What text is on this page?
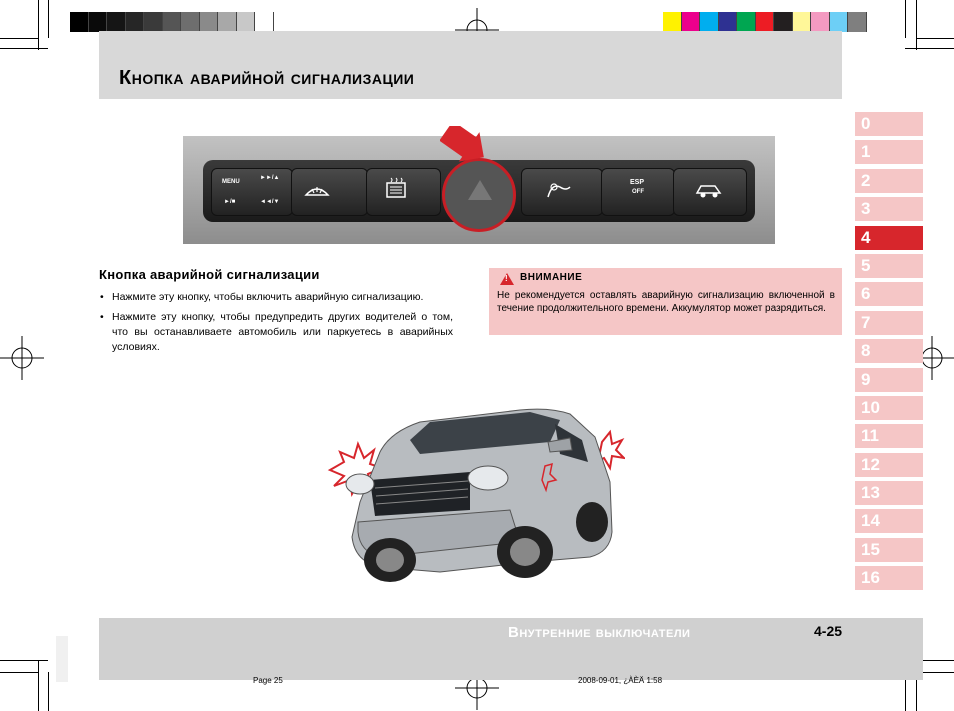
Кнопка аварийной сигнализации
0
1
2
3
4
5
6
7
8
9
10
11
12
13
14
15
16
MENU
►/■
►►/▲
◄◄/▼
ESP
OFF
Кнопка аварийной сигнализации
• Нажмите эту кнопку, чтобы включить аварийную сигнализацию.
• Нажмите эту кнопку, чтобы предупредить других водителей о том, что вы останавливаете автомобиль или паркуетесь в аварийных условиях.
! ВНИМАНИЕ
Не рекомендуется оставлять аварийную сигнализацию включенной в течение продолжительного времени. Аккумулятор может разрядиться.
Внутренние выключатели	4-25
Page 25	2008-09-01, ¿ÀÈÄ 1:58
